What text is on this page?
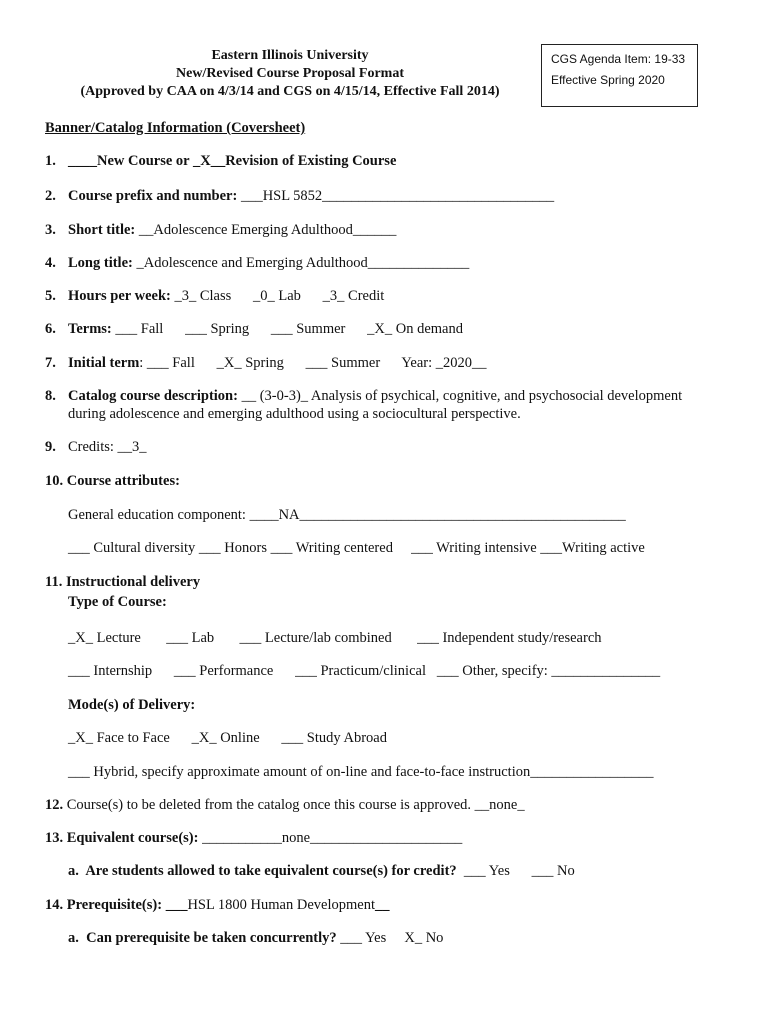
Eastern Illinois University
New/Revised Course Proposal Format
(Approved by CAA on 4/3/14 and CGS on 4/15/14, Effective Fall 2014)
CGS Agenda Item: 19-33
Effective Spring 2020
Banner/Catalog Information (Coversheet)
1. ____New Course or _X__Revision of Existing Course
2. Course prefix and number: ___HSL 5852________________________________
3. Short title: __Adolescence Emerging Adulthood______
4. Long title: _Adolescence and Emerging Adulthood______________
5. Hours per week: _3_ Class      _0_ Lab      _3_ Credit
6. Terms: ___ Fall      ___ Spring      ___ Summer      _X_ On demand
7. Initial term: ___ Fall      _X_ Spring      ___ Summer      Year: _2020__
8. Catalog course description: __ (3-0-3)_ Analysis of psychical, cognitive, and psychosocial development
during adolescence and emerging adulthood using a sociocultural perspective.
9. Credits: __3_
10. Course attributes:
General education component: ____NA_____________________________________________
___ Cultural diversity ___ Honors ___ Writing centered     ___ Writing intensive ___Writing active
11. Instructional delivery
Type of Course:
_X_ Lecture       ___ Lab       ___ Lecture/lab combined       ___ Independent study/research
___ Internship      ___ Performance      ___ Practicum/clinical   ___ Other, specify: _______________
Mode(s) of Delivery:
_X_ Face to Face      _X_ Online      ___ Study Abroad
___ Hybrid, specify approximate amount of on-line and face-to-face instruction_________________
12. Course(s) to be deleted from the catalog once this course is approved. __none_
13. Equivalent course(s): ___________none_____________________
a.  Are students allowed to take equivalent course(s) for credit?  ___ Yes      ___ No
14. Prerequisite(s): ___HSL 1800 Human Development__
a.  Can prerequisite be taken concurrently? ___ Yes     X_ No
